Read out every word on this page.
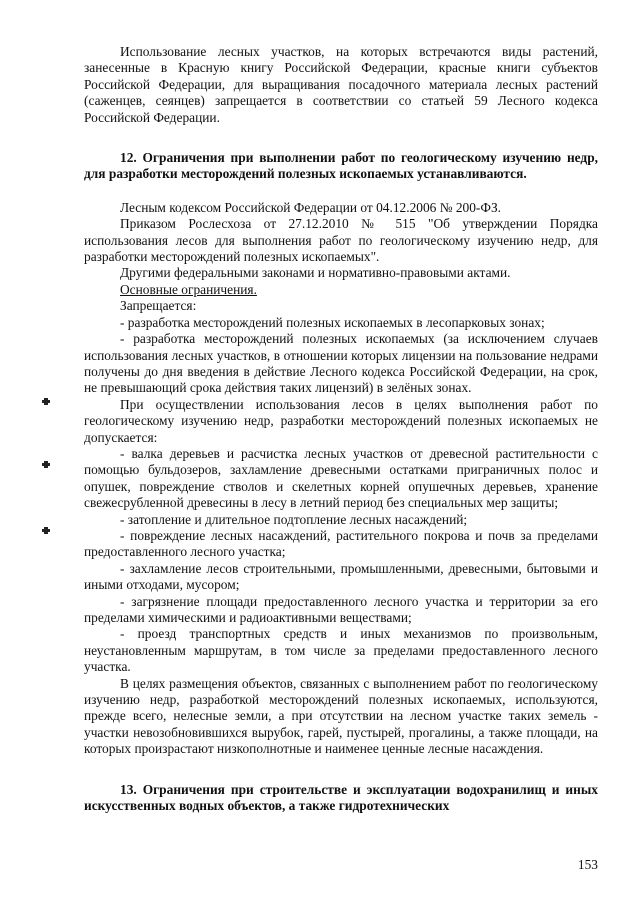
Использование лесных участков, на которых встречаются виды растений, занесенные в Красную книгу Российской Федерации, красные книги субъектов Российской Федерации, для выращивания посадочного материала лесных растений (саженцев, сеянцев) запрещается в соответствии со статьей 59 Лесного кодекса Российской Федерации.

12. Ограничения при выполнении работ по геологическому изучению недр, для разработки месторождений полезных ископаемых устанавливаются.

Лесным кодексом Российской Федерации от 04.12.2006 № 200-ФЗ.

Приказом Рослесхоза от 27.12.2010 № 515 "Об утверждении Порядка использования лесов для выполнения работ по геологическому изучению недр, для разработки месторождений полезных ископаемых".

Другими федеральными законами и нормативно-правовыми актами.

Основные ограничения.

Запрещается:

- разработка месторождений полезных ископаемых в лесопарковых зонах;

- разработка месторождений полезных ископаемых (за исключением случаев использования лесных участков, в отношении которых лицензии на пользование недрами получены до дня введения в действие Лесного кодекса Российской Федерации, на срок, не превышающий срока действия таких лицензий) в зелёных зонах.

При осуществлении использования лесов в целях выполнения работ по геологическому изучению недр, разработки месторождений полезных ископаемых не допускается:

- валка деревьев и расчистка лесных участков от древесной растительности с помощью бульдозеров, захламление древесными остатками приграничных полос и опушек, повреждение стволов и скелетных корней опушечных деревьев, хранение свежесрубленной древесины в лесу в летний период без специальных мер защиты;

- затопление и длительное подтопление лесных насаждений;

- повреждение лесных насаждений, растительного покрова и почв за пределами предоставленного лесного участка;

- захламление лесов строительными, промышленными, древесными, бытовыми и иными отходами, мусором;

- загрязнение площади предоставленного лесного участка и территории за его пределами химическими и радиоактивными веществами;

- проезд транспортных средств и иных механизмов по произвольным, неустановленным маршрутам, в том числе за пределами предоставленного лесного участка.

В целях размещения объектов, связанных с выполнением работ по геологическому изучению недр, разработкой месторождений полезных ископаемых, используются, прежде всего, нелесные земли, а при отсутствии на лесном участке таких земель - участки невозобновившихся вырубок, гарей, пустырей, прогалины, а также площади, на которых произрастают низкополнотные и наименее ценные лесные насаждения.

13. Ограничения при строительстве и эксплуатации водохранилищ и иных искусственных водных объектов, а также гидротехнических

153
